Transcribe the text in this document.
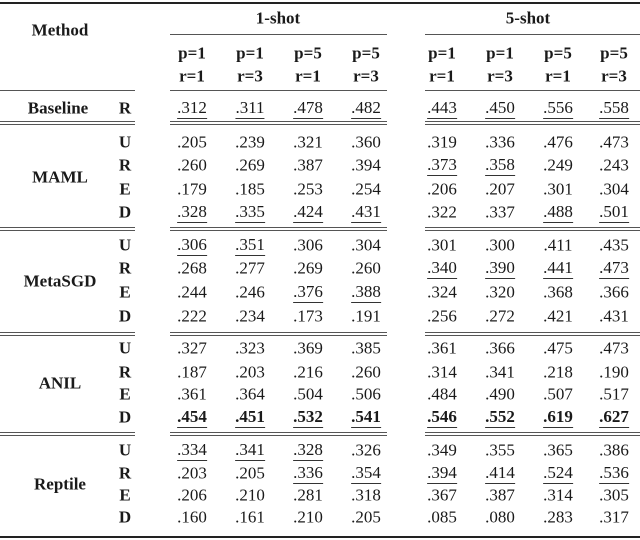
Method
1-shot	5-shot
p=1
r=1
p=1
r=3
p=5
r=1
p=5
r=3
p=1
r=1
p=1
r=3
p=5
r=1
p=5
r=3
Baseline R	.312 .311 .478 .482	.443 .450 .556 .558
MAML
U	.205 .239 .321 .360	.319 .336 .476 .473
R	.260 .269 .387 .394	.373 .358 .249 .243
E	.179 .185 .253 .254	.206 .207 .301 .304
D	.328 .335 .424 .431	.322 .337 .488 .501
MetaSGD
U	.306 .351 .306 .304	.301 .300 .411 .435
R	.268 .277 .269 .260	.340 .390 .441 .473
E	.244 .246 .376 .388	.324 .320 .368 .366
D	.222 .234 .173 .191	.256 .272 .421 .431
ANIL
U	.327 .323 .369 .385	.361 .366 .475 .473
R	.187 .203 .216 .260	.314 .341 .218 .190
E	.361 .364 .504 .506	.484 .490 .507 .517
D	.454 .451 .532 .541	.546 .552 .619 .627
Reptile
U	.334 .341 .328 .326	.349 .355 .365 .386
R	.203 .205 .336 .354	.394 .414 .524 .536
E	.206 .210 .281 .318	.367 .387 .314 .305
D	.160 .161 .210 .205	.085 .080 .283 .317
